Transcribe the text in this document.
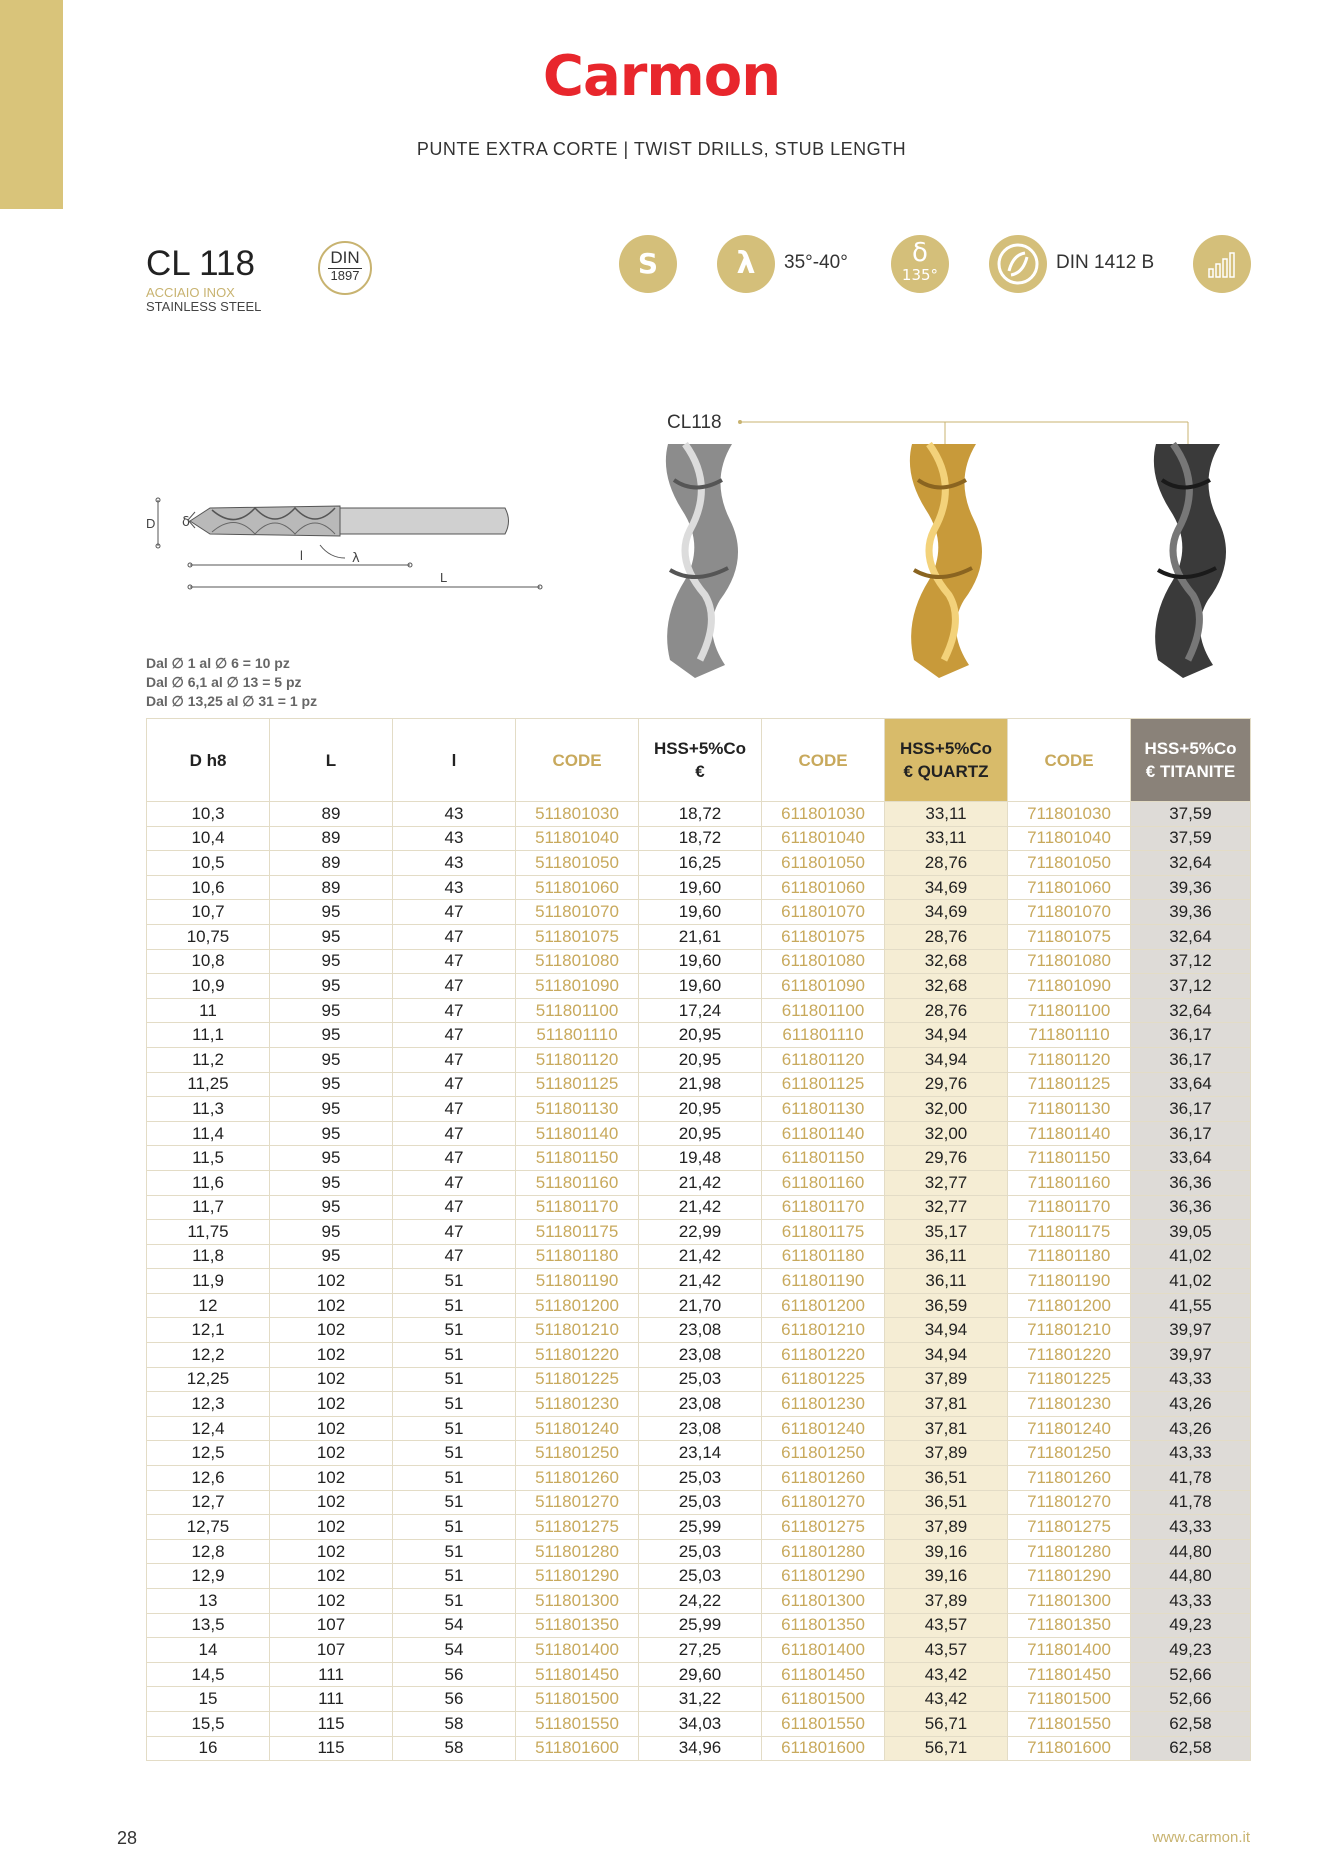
Carmon
PUNTE EXTRA CORTE | TWIST DRILLS, STUB LENGTH
CL 118
ACCIAIO INOX
STAINLESS STEEL
DIN
1897	S	λ	35°-40°	δ
135°
DIN 1412 B
D δ
l	λ
L
CL118
Dal ∅ 1 al ∅ 6 = 10 pz
Dal ∅ 6,1 al ∅ 13 = 5 pz
Dal ∅ 13,25 al ∅ 31 = 1 pz
D h8	L	l	CODE	HSS+5%Co
€	CODE	HSS+5%Co
€ QUARTZ	CODE	HSS+5%Co
€ TITANITE
10,3	89	43	511801030	18,72	611801030	33,11	711801030	37,59
10,4	89	43	511801040	18,72	611801040	33,11	711801040	37,59
10,5	89	43	511801050	16,25	611801050	28,76	711801050	32,64
10,6	89	43	511801060	19,60	611801060	34,69	711801060	39,36
10,7	95	47	511801070	19,60	611801070	34,69	711801070	39,36
10,75	95	47	511801075	21,61	611801075	28,76	711801075	32,64
10,8	95	47	511801080	19,60	611801080	32,68	711801080	37,12
10,9	95	47	511801090	19,60	611801090	32,68	711801090	37,12
11	95	47	511801100	17,24	611801100	28,76	711801100	32,64
11,1	95	47	511801110	20,95	611801110	34,94	711801110	36,17
11,2	95	47	511801120	20,95	611801120	34,94	711801120	36,17
11,25	95	47	511801125	21,98	611801125	29,76	711801125	33,64
11,3	95	47	511801130	20,95	611801130	32,00	711801130	36,17
11,4	95	47	511801140	20,95	611801140	32,00	711801140	36,17
11,5	95	47	511801150	19,48	611801150	29,76	711801150	33,64
11,6	95	47	511801160	21,42	611801160	32,77	711801160	36,36
11,7	95	47	511801170	21,42	611801170	32,77	711801170	36,36
11,75	95	47	511801175	22,99	611801175	35,17	711801175	39,05
11,8	95	47	511801180	21,42	611801180	36,11	711801180	41,02
11,9	102	51	511801190	21,42	611801190	36,11	711801190	41,02
12	102	51	511801200	21,70	611801200	36,59	711801200	41,55
12,1	102	51	511801210	23,08	611801210	34,94	711801210	39,97
12,2	102	51	511801220	23,08	611801220	34,94	711801220	39,97
12,25	102	51	511801225	25,03	611801225	37,89	711801225	43,33
12,3	102	51	511801230	23,08	611801230	37,81	711801230	43,26
12,4	102	51	511801240	23,08	611801240	37,81	711801240	43,26
12,5	102	51	511801250	23,14	611801250	37,89	711801250	43,33
12,6	102	51	511801260	25,03	611801260	36,51	711801260	41,78
12,7	102	51	511801270	25,03	611801270	36,51	711801270	41,78
12,75	102	51	511801275	25,99	611801275	37,89	711801275	43,33
12,8	102	51	511801280	25,03	611801280	39,16	711801280	44,80
12,9	102	51	511801290	25,03	611801290	39,16	711801290	44,80
13	102	51	511801300	24,22	611801300	37,89	711801300	43,33
13,5	107	54	511801350	25,99	611801350	43,57	711801350	49,23
14	107	54	511801400	27,25	611801400	43,57	711801400	49,23
14,5	111	56	511801450	29,60	611801450	43,42	711801450	52,66
15	111	56	511801500	31,22	611801500	43,42	711801500	52,66
15,5	115	58	511801550	34,03	611801550	56,71	711801550	62,58
16	115	58	511801600	34,96	611801600	56,71	711801600	62,58
28	www.carmon.it
